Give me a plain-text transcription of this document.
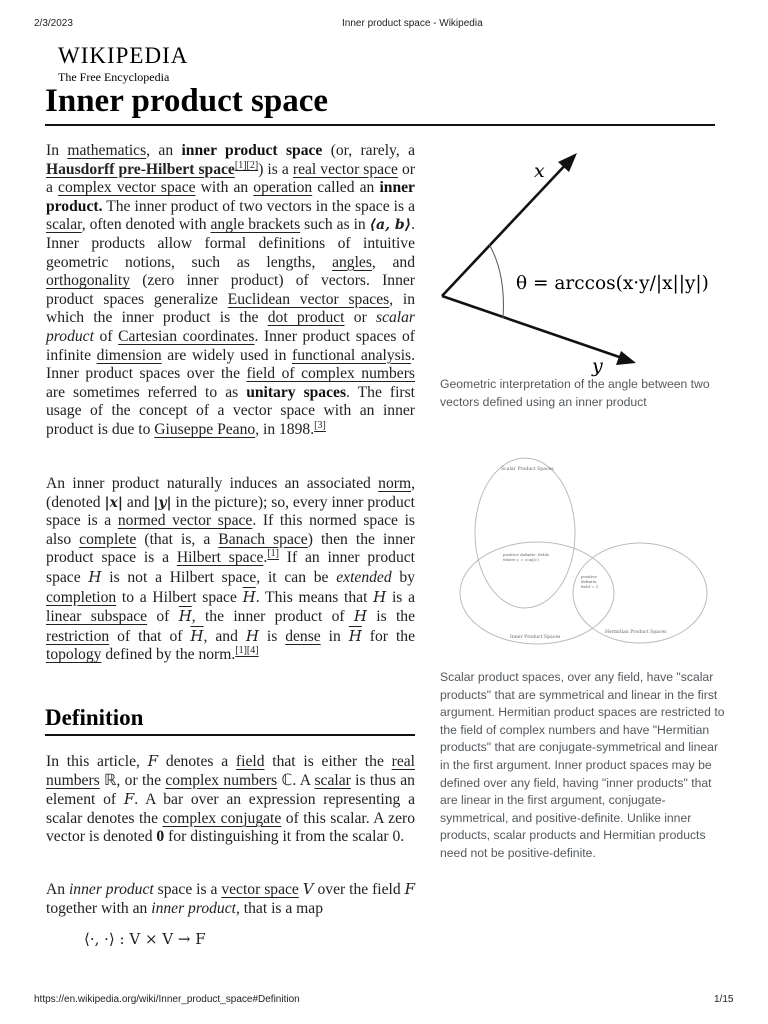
2/3/2023	Inner product space - Wikipedia
https://en.wikipedia.org/wiki/Inner_product_space#Definition	1/15
WIKIPEDIA
The Free Encyclopedia
Inner product space

In mathematics, an inner product space (or, rarely, a Hausdorff pre-Hilbert space[1][2]) is a real vector space or a complex vector space with an operation called an inner product. The inner product of two vectors in the space is a scalar, often denoted with angle brackets such as in ⟨a, b⟩. Inner products allow formal definitions of intuitive geometric notions, such as lengths, angles, and orthogonality (zero inner product) of vectors. Inner product spaces generalize Euclidean vector spaces, in which the inner product is the dot product or scalar product of Cartesian coordinates. Inner product spaces of infinite dimension are widely used in functional analysis. Inner product spaces over the field of complex numbers are sometimes referred to as unitary spaces. The first usage of the concept of a vector space with an inner product is due to Giuseppe Peano, in 1898.[3]

An inner product naturally induces an associated norm, (denoted |x| and |y| in the picture); so, every inner product space is a normed vector space. If this normed space is also complete (that is, a Banach space) then the inner product space is a Hilbert space.[1] If an inner product space H is not a Hilbert space, it can be extended by completion to a Hilbert space $\overline{H}$. This means that H is a linear subspace of $\overline{H}$, the inner product of H is the restriction of that of $\overline{H}$, and H is dense in $\overline{H}$ for the topology defined by the norm.[1][4]

Definition

In this article, F denotes a field that is either the real numbers ℝ, or the complex numbers ℂ. A scalar is thus an element of F. A bar over an expression representing a scalar denotes the complex conjugate of this scalar. A zero vector is denoted 0 for distinguishing it from the scalar 0.

An inner product space is a vector space V over the field F together with an inner product, that is a map

⟨·, ·⟩ : V × V → F
x
y
θ = arccos(x·y/|x||y|)
Geometric interpretation of the angle between two vectors defined using an inner product
Scalar Product Spaces
positive definite, fields
where c = conj(c)
positive
definite,
field = C
Inner Product Spaces
Hermitian Product Spaces
Scalar product spaces, over any field, have "scalar products" that are symmetrical and linear in the first argument. Hermitian product spaces are restricted to the field of complex numbers and have "Hermitian products" that are conjugate-symmetrical and linear in the first argument. Inner product spaces may be defined over any field, having "inner products" that are linear in the first argument, conjugate-symmetrical, and positive-definite. Unlike inner products, scalar products and Hermitian products need not be positive-definite.
